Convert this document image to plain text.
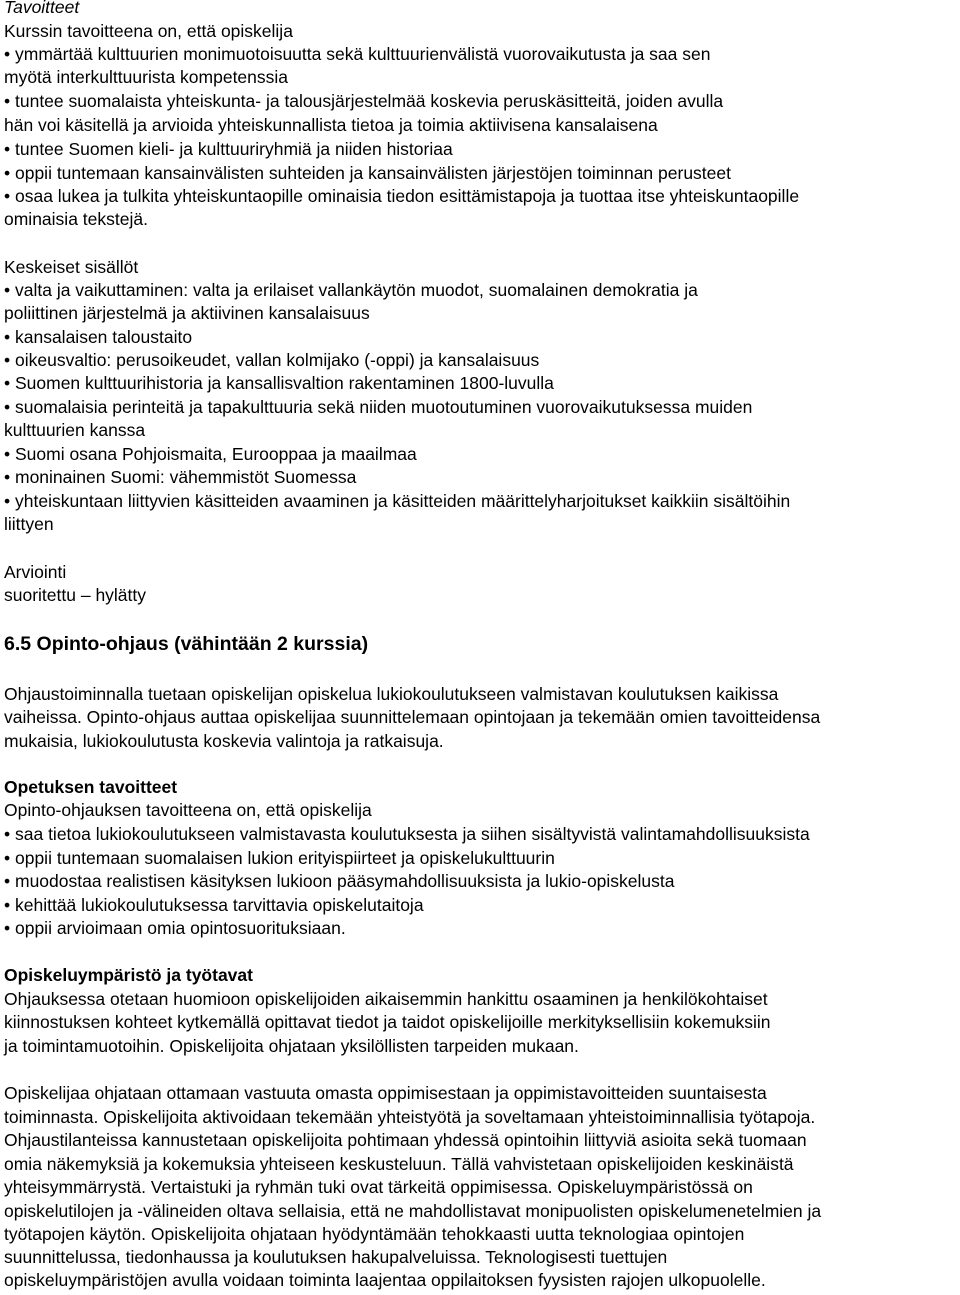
Tavoitteet
Kurssin tavoitteena on, että opiskelija
• ymmärtää kulttuurien monimuotoisuutta sekä kulttuurienvälistä vuorovaikutusta ja saa sen
myötä interkulttuurista kompetenssia
• tuntee suomalaista yhteiskunta- ja talousjärjestelmää koskevia peruskäsitteitä, joiden avulla
hän voi käsitellä ja arvioida yhteiskunnallista tietoa ja toimia aktiivisena kansalaisena
• tuntee Suomen kieli- ja kulttuuriryhmiä ja niiden historiaa
• oppii tuntemaan kansainvälisten suhteiden ja kansainvälisten järjestöjen toiminnan perusteet
• osaa lukea ja tulkita yhteiskuntaopille ominaisia tiedon esittämistapoja ja tuottaa itse yhteiskuntaopille
ominaisia tekstejä.
Keskeiset sisällöt
• valta ja vaikuttaminen: valta ja erilaiset vallankäytön muodot, suomalainen demokratia ja
poliittinen järjestelmä ja aktiivinen kansalaisuus
• kansalaisen taloustaito
• oikeusvaltio: perusoikeudet, vallan kolmijako (-oppi) ja kansalaisuus
• Suomen kulttuurihistoria ja kansallisvaltion rakentaminen 1800-luvulla
• suomalaisia perinteitä ja tapakulttuuria sekä niiden muotoutuminen vuorovaikutuksessa muiden
kulttuurien kanssa
• Suomi osana Pohjoismaita, Eurooppaa ja maailmaa
• moninainen Suomi: vähemmistöt Suomessa
• yhteiskuntaan liittyvien käsitteiden avaaminen ja käsitteiden määrittelyharjoitukset kaikkiin sisältöihin
liittyen
Arviointi
suoritettu – hylätty
6.5 Opinto-ohjaus (vähintään 2 kurssia)
Ohjaustoiminnalla tuetaan opiskelijan opiskelua lukiokoulutukseen valmistavan koulutuksen kaikissa
vaiheissa. Opinto-ohjaus auttaa opiskelijaa suunnittelemaan opintojaan ja tekemään omien tavoitteidensa
mukaisia, lukiokoulutusta koskevia valintoja ja ratkaisuja.
Opetuksen tavoitteet
Opinto-ohjauksen tavoitteena on, että opiskelija
• saa tietoa lukiokoulutukseen valmistavasta koulutuksesta ja siihen sisältyvistä valintamahdollisuuksista
• oppii tuntemaan suomalaisen lukion erityispiirteet ja opiskelukulttuurin
• muodostaa realistisen käsityksen lukioon pääsymahdollisuuksista ja lukio-opiskelusta
• kehittää lukiokoulutuksessa tarvittavia opiskelutaitoja
• oppii arvioimaan omia opintosuorituksiaan.
Opiskeluympäristö ja työtavat
Ohjauksessa otetaan huomioon opiskelijoiden aikaisemmin hankittu osaaminen ja henkilökohtaiset
kiinnostuksen kohteet kytkemällä opittavat tiedot ja taidot opiskelijoille merkityksellisiin kokemuksiin
ja toimintamuotoihin. Opiskelijoita ohjataan yksilöllisten tarpeiden mukaan.
Opiskelijaa ohjataan ottamaan vastuuta omasta oppimisestaan ja oppimistavoitteiden suuntaisesta
toiminnasta. Opiskelijoita aktivoidaan tekemään yhteistyötä ja soveltamaan yhteistoiminnallisia työtapoja.
Ohjaustilanteissa kannustetaan opiskelijoita pohtimaan yhdessä opintoihin liittyviä asioita sekä tuomaan
omia näkemyksiä ja kokemuksia yhteiseen keskusteluun. Tällä vahvistetaan opiskelijoiden keskinäistä
yhteisymmärrystä. Vertaistuki ja ryhmän tuki ovat tärkeitä oppimisessa. Opiskeluympäristössä on
opiskelutilojen ja -välineiden oltava sellaisia, että ne mahdollistavat monipuolisten opiskelumenetelmien ja
työtapojen käytön. Opiskelijoita ohjataan hyödyntämään tehokkaasti uutta teknologiaa opintojen
suunnittelussa, tiedonhaussa ja koulutuksen hakupalveluissa. Teknologisesti tuettujen
opiskeluympäristöjen avulla voidaan toiminta laajentaa oppilaitoksen fyysisten rajojen ulkopuolelle.
